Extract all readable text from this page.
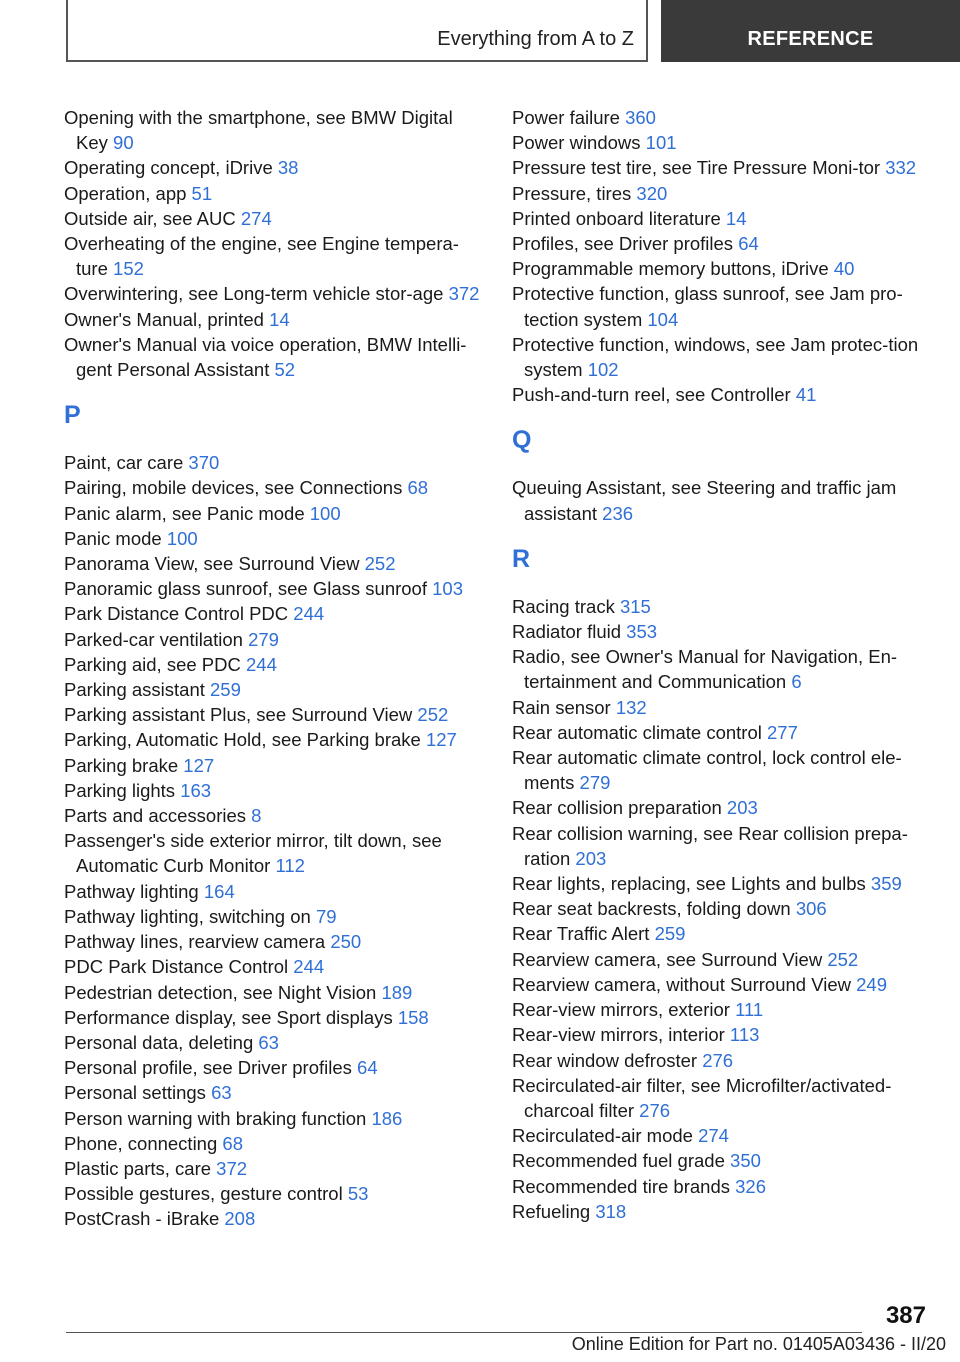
Everything from A to Z	REFERENCE
Opening with the smartphone, see BMW Digital Key 90
Operating concept, iDrive 38
Operation, app 51
Outside air, see AUC 274
Overheating of the engine, see Engine tempera-ture 152
Overwintering, see Long-term vehicle stor-age 372
Owner's Manual, printed 14
Owner's Manual via voice operation, BMW Intelli-gent Personal Assistant 52
P
Paint, car care 370
Pairing, mobile devices, see Connections 68
Panic alarm, see Panic mode 100
Panic mode 100
Panorama View, see Surround View 252
Panoramic glass sunroof, see Glass sunroof 103
Park Distance Control PDC 244
Parked-car ventilation 279
Parking aid, see PDC 244
Parking assistant 259
Parking assistant Plus, see Surround View 252
Parking, Automatic Hold, see Parking brake 127
Parking brake 127
Parking lights 163
Parts and accessories 8
Passenger's side exterior mirror, tilt down, see Automatic Curb Monitor 112
Pathway lighting 164
Pathway lighting, switching on 79
Pathway lines, rearview camera 250
PDC Park Distance Control 244
Pedestrian detection, see Night Vision 189
Performance display, see Sport displays 158
Personal data, deleting 63
Personal profile, see Driver profiles 64
Personal settings 63
Person warning with braking function 186
Phone, connecting 68
Plastic parts, care 372
Possible gestures, gesture control 53
PostCrash - iBrake 208
Power failure 360
Power windows 101
Pressure test tire, see Tire Pressure Moni-tor 332
Pressure, tires 320
Printed onboard literature 14
Profiles, see Driver profiles 64
Programmable memory buttons, iDrive 40
Protective function, glass sunroof, see Jam pro-tection system 104
Protective function, windows, see Jam protec-tion system 102
Push-and-turn reel, see Controller 41
Q
Queuing Assistant, see Steering and traffic jam assistant 236
R
Racing track 315
Radiator fluid 353
Radio, see Owner's Manual for Navigation, En-tertainment and Communication 6
Rain sensor 132
Rear automatic climate control 277
Rear automatic climate control, lock control ele-ments 279
Rear collision preparation 203
Rear collision warning, see Rear collision prepa-ration 203
Rear lights, replacing, see Lights and bulbs 359
Rear seat backrests, folding down 306
Rear Traffic Alert 259
Rearview camera, see Surround View 252
Rearview camera, without Surround View 249
Rear-view mirrors, exterior 111
Rear-view mirrors, interior 113
Rear window defroster 276
Recirculated-air filter, see Microfilter/activated-charcoal filter 276
Recirculated-air mode 274
Recommended fuel grade 350
Recommended tire brands 326
Refueling 318
387
Online Edition for Part no. 01405A03436 - II/20
